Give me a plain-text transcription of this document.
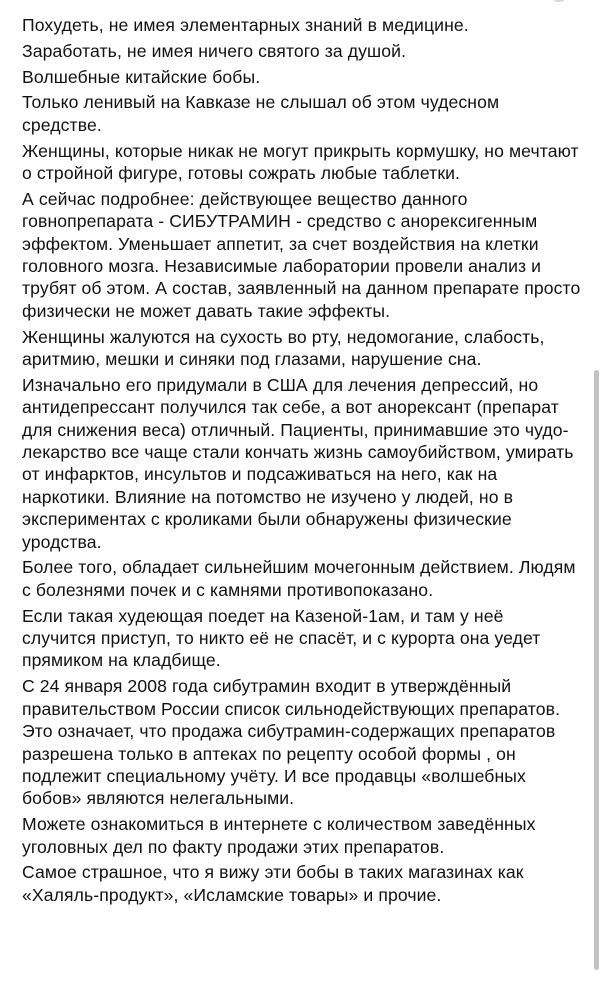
Похудеть, не имея элементарных знаний в медицине.

Заработать, не имея ничего святого за душой.

Волшебные китайские бобы.

Только ленивый на Кавказе не слышал об этом чудесном средстве.

Женщины, которые никак не могут прикрыть кормушку, но мечтают о стройной фигуре, готовы сожрать любые таблетки.

А сейчас подробнее: действующее вещество данного говнопрепарата - СИБУТРАМИН - средство с анорексигенным эффектом. Уменьшает аппетит, за счет воздействия на клетки головного мозга. Независимые лаборатории провели анализ и трубят об этом. А состав, заявленный на данном препарате просто физически не может давать такие эффекты.

Женщины жалуются на сухость во рту, недомогание, слабость, аритмию, мешки и синяки под глазами, нарушение сна.

Изначально его придумали в США для лечения депрессий, но антидепрессант получился так себе, а вот анорексант (препарат для снижения веса) отличный. Пациенты, принимавшие это чудо-лекарство все чаще стали кончать жизнь самоубийством, умирать от инфарктов, инсультов и подсаживаться на него, как на наркотики. Влияние на потомство не изучено у людей, но в экспериментах с кроликами были обнаружены физические уродства.

Более того, обладает сильнейшим мочегонным действием. Людям с болезнями почек и с камнями противопоказано.

Если такая худеющая поедет на Казеной-1ам, и там у неё случится приступ, то никто её не спасёт, и с курорта она уедет прямиком на кладбище.

С 24 января 2008 года сибутрамин входит в утверждённый правительством России список сильнодействующих препаратов. Это означает, что продажа сибутрамин-содержащих препаратов разрешена только в аптеках по рецепту особой формы , он подлежит специальному учёту. И все продавцы «волшебных бобов» являются нелегальными.

Можете ознакомиться в интернете с количеством заведённых уголовных дел по факту продажи этих препаратов.

Самое страшное, что я вижу эти бобы в таких магазинах как «Халяль-продукт», «Исламские товары» и прочие.
